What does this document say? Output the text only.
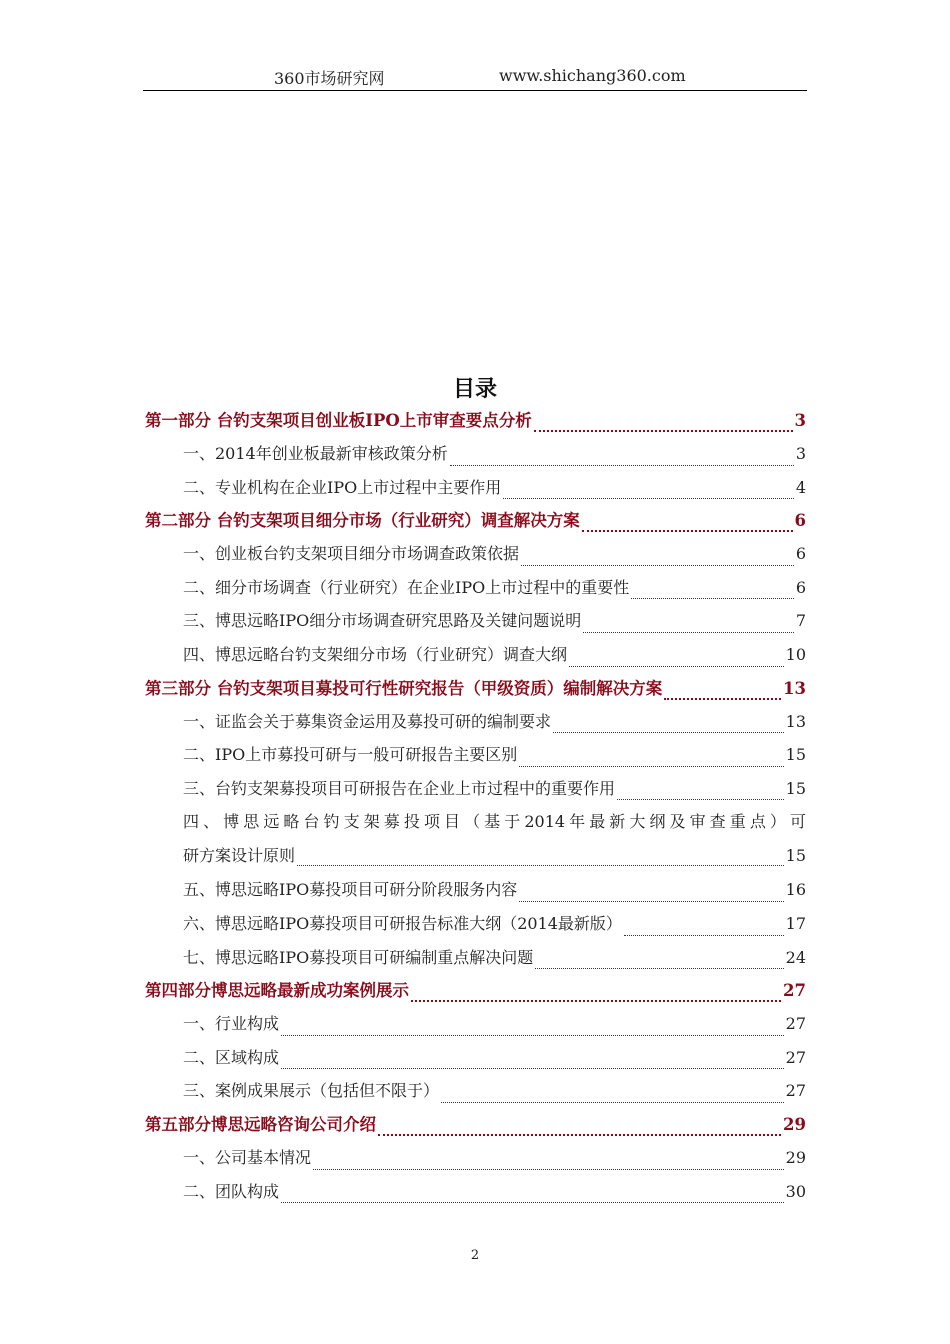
360市场研究网	www.shichang360.com
目录
第一部分 台钓支架项目创业板IPO上市审查要点分析	3
一、2014年创业板最新审核政策分析	3
二、专业机构在企业IPO上市过程中主要作用	4
第二部分 台钓支架项目细分市场（行业研究）调查解决方案	6
一、创业板台钓支架项目细分市场调查政策依据	6
二、细分市场调查（行业研究）在企业IPO上市过程中的重要性	6
三、博思远略IPO细分市场调查研究思路及关键问题说明	7
四、博思远略台钓支架细分市场（行业研究）调查大纲	10
第三部分 台钓支架项目募投可行性研究报告（甲级资质）编制解决方案	13
一、证监会关于募集资金运用及募投可研的编制要求	13
二、IPO上市募投可研与一般可研报告主要区别	15
三、台钓支架募投项目可研报告在企业上市过程中的重要作用	15
四、博思远略台钓支架募投项目（基于2014年最新大纲及审查重点）可
研方案设计原则	15
五、博思远略IPO募投项目可研分阶段服务内容	16
六、博思远略IPO募投项目可研报告标准大纲（2014最新版）	17
七、博思远略IPO募投项目可研编制重点解决问题	24
第四部分博思远略最新成功案例展示	27
一、行业构成	27
二、区域构成	27
三、案例成果展示（包括但不限于）	27
第五部分博思远略咨询公司介绍	29
一、公司基本情况	29
二、团队构成	30
2
